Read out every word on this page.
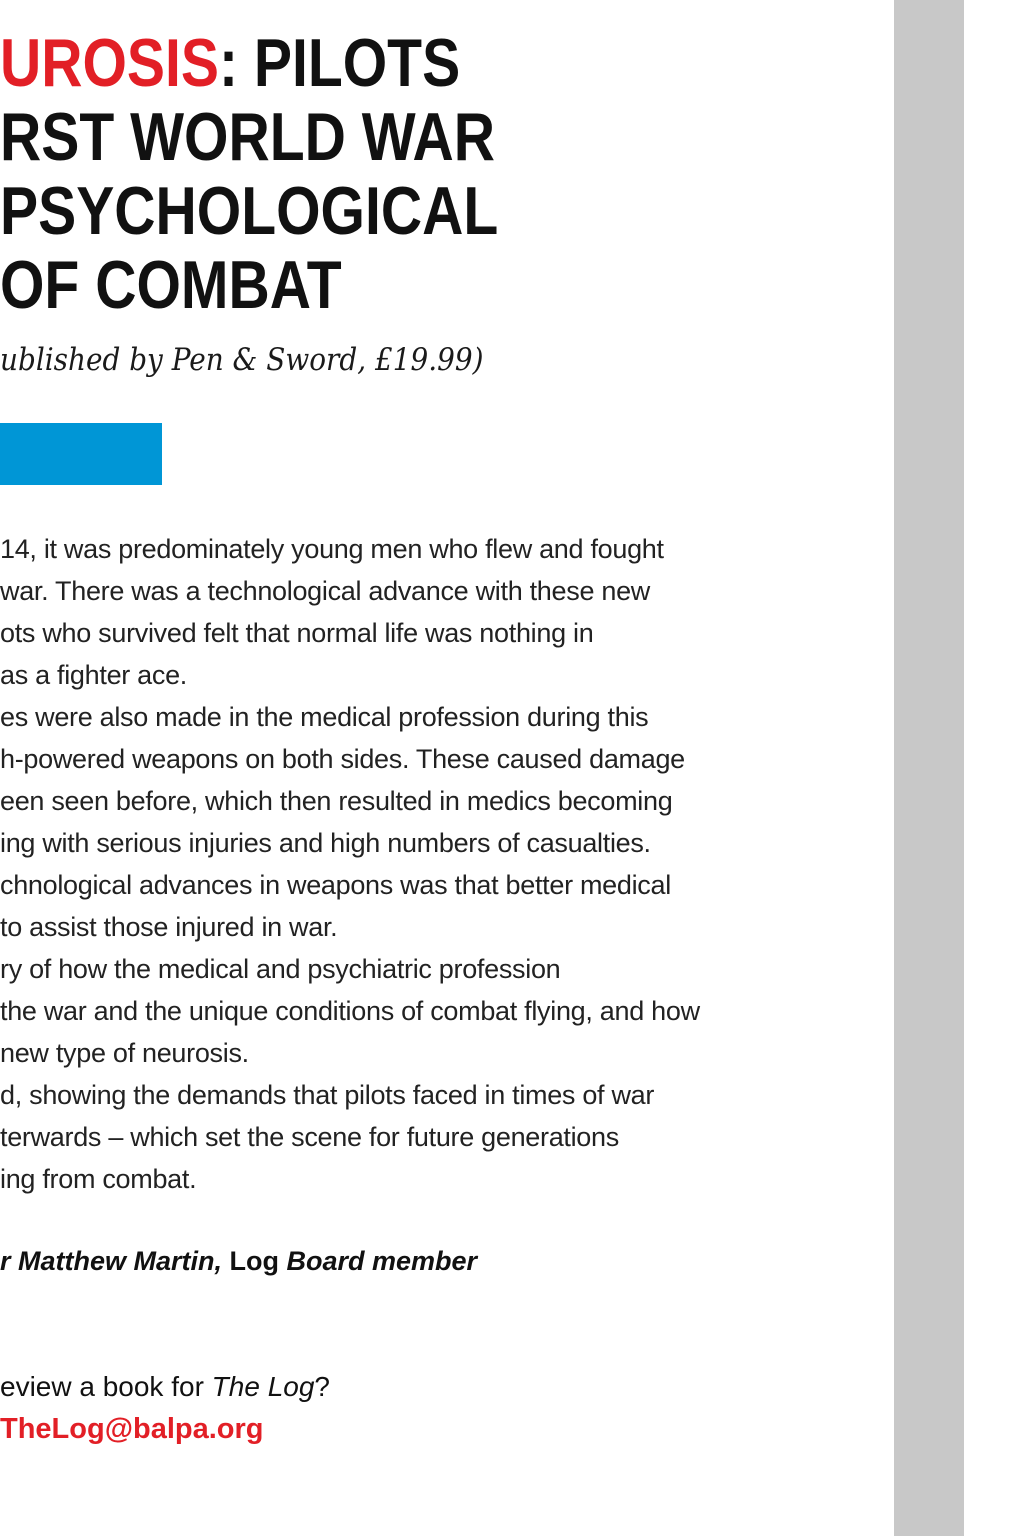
UROSIS: PILOTS
RST WORLD WAR
PSYCHOLOGICAL
OF COMBAT

ublished by Pen & Sword, £19.99)

14, it was predominately young men who flew and fought
war. There was a technological advance with these new
ots who survived felt that normal life was nothing in
as a fighter ace.
es were also made in the medical profession during this
h-powered weapons on both sides. These caused damage
een seen before, which then resulted in medics becoming
ing with serious injuries and high numbers of casualties.
chnological advances in weapons was that better medical
to assist those injured in war.
ry of how the medical and psychiatric profession
the war and the unique conditions of combat flying, and how
new type of neurosis.
d, showing the demands that pilots faced in times of war
terwards – which set the scene for future generations
ing from combat.
r Matthew Martin, Log Board member
eview a book for The Log?
TheLog@balpa.org
